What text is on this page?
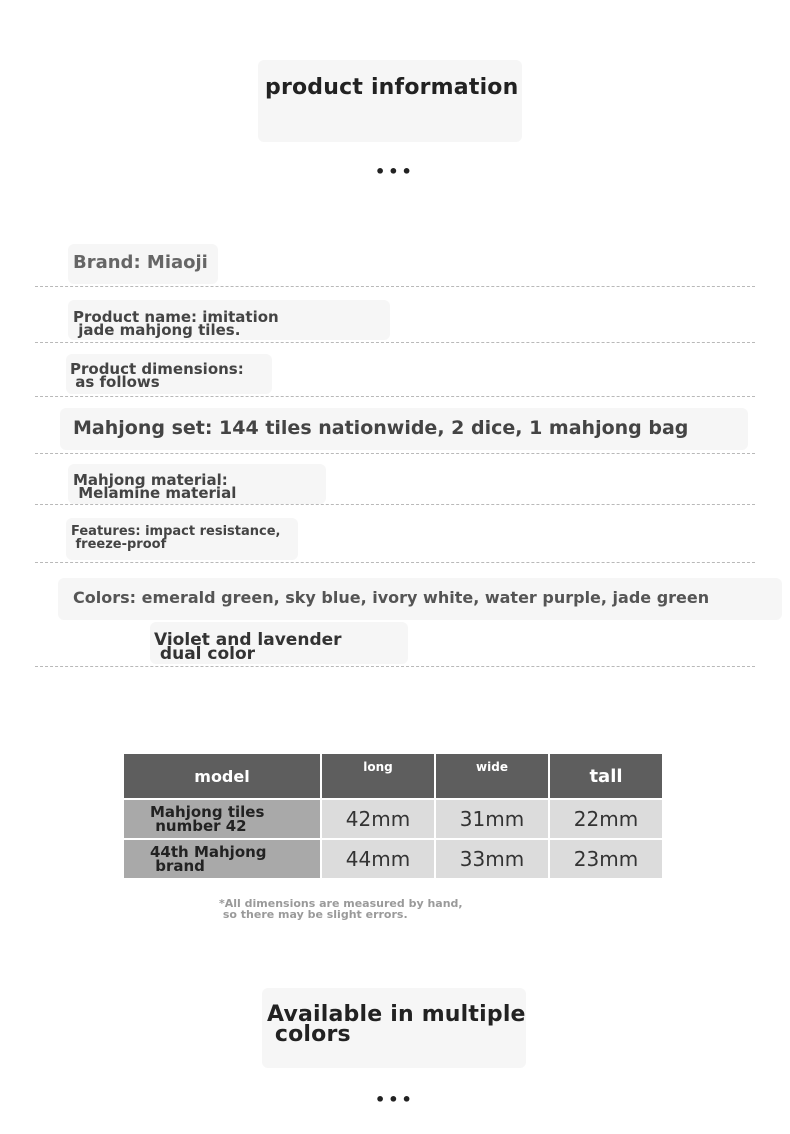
product information
•••
Brand: Miaoji
Product name: imitation
jade mahjong tiles.
Product dimensions:
as follows
Mahjong set: 144 tiles nationwide, 2 dice, 1 mahjong bag
Mahjong material:
Melamine material
Features: impact resistance,
freeze-proof
Colors: emerald green, sky blue, ivory white, water purple, jade green
Violet and lavender
dual color
model	long	wide	tall
Mahjong tiles
number 42	42mm	31mm	22mm
44th Mahjong
brand	44mm	33mm	23mm
*All dimensions are measured by hand,
so there may be slight errors.
Available in multiple
colors
•••
